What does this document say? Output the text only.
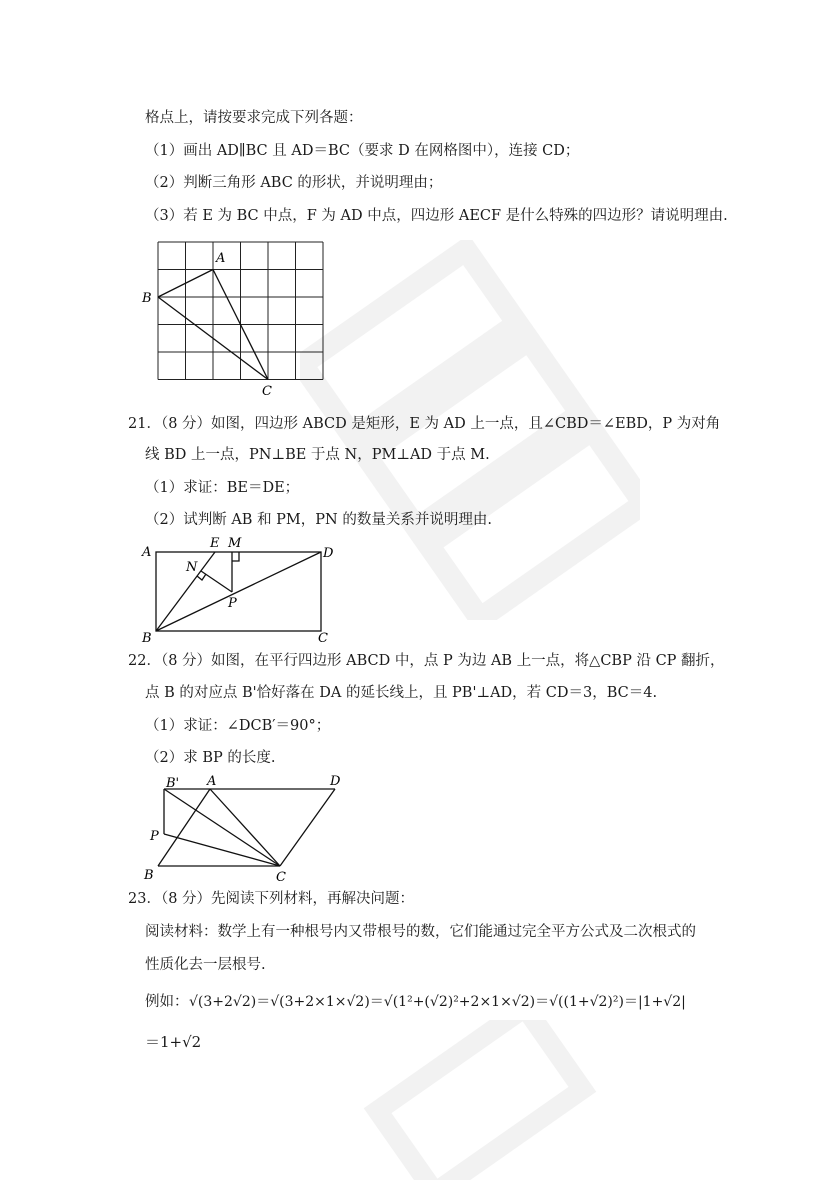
格点上，请按要求完成下列各题：
（1）画出 AD∥BC 且 AD＝BC（要求 D 在网格图中），连接 CD；
（2）判断三角形 ABC 的形状，并说明理由；
（3）若 E 为 BC 中点，F 为 AD 中点，四边形 AECF 是什么特殊的四边形？请说明理由.
A
B
C
21．（8 分）如图，四边形 ABCD 是矩形，E 为 AD 上一点，且∠CBD＝∠EBD，P 为对角
线 BD 上一点，PN⊥BE 于点 N，PM⊥AD 于点 M.
（1）求证：BE＝DE；
（2）试判断 AB 和 PM，PN 的数量关系并说明理由.
A
E M
D
N
P
B	C
22．（8 分）如图，在平行四边形 ABCD 中，点 P 为边 AB 上一点，将△CBP 沿 CP 翻折，
点 B 的对应点 B'恰好落在 DA 的延长线上，且 PB'⊥AD，若 CD＝3，BC＝4.
（1）求证：∠DCB′＝90°；
（2）求 BP 的长度.
B' A	D
P
B	C
23．（8 分）先阅读下列材料，再解决问题：
阅读材料：数学上有一种根号内又带根号的数，它们能通过完全平方公式及二次根式的
性质化去一层根号.
例如： √(3+2√2)＝√(3+2×1×√2)＝√(1²+(√2)²+2×1×√2)＝√((1+√2)²)＝|1+√2|
＝1+√2
